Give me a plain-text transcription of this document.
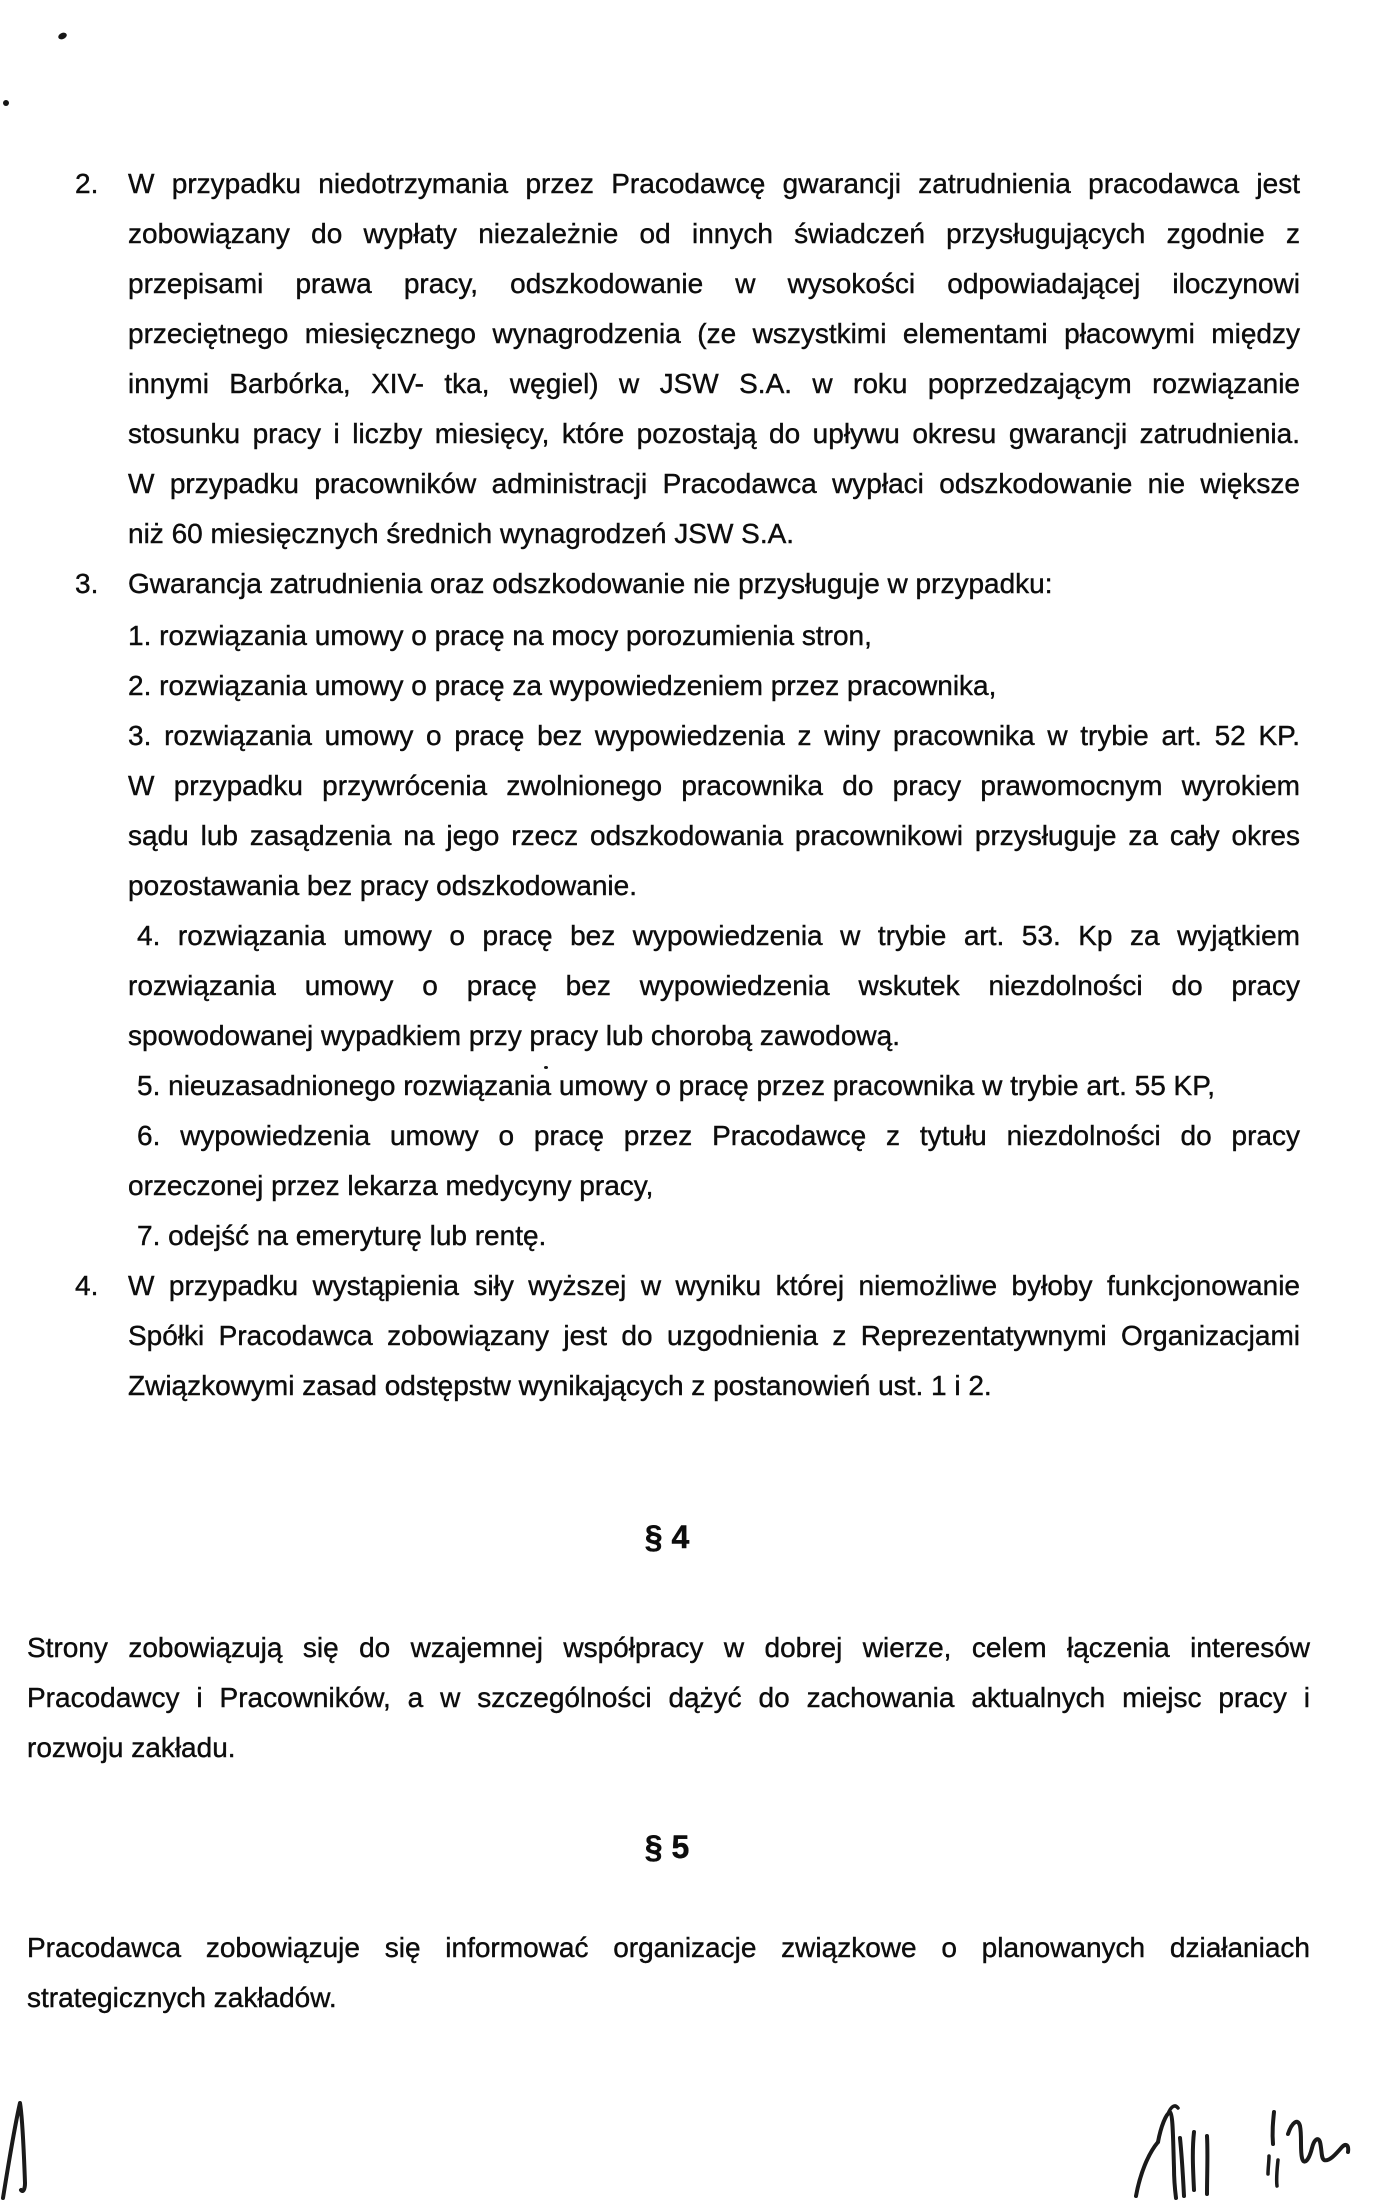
2. W przypadku niedotrzymania przez Pracodawcę gwarancji zatrudnienia pracodawca jest
zobowiązany do wypłaty niezależnie od innych świadczeń przysługujących zgodnie z
przepisami prawa pracy, odszkodowanie w wysokości odpowiadającej iloczynowi
przeciętnego miesięcznego wynagrodzenia (ze wszystkimi elementami płacowymi między
innymi Barbórka, XIV- tka, węgiel) w JSW S.A. w roku poprzedzającym rozwiązanie
stosunku pracy i liczby miesięcy, które pozostają do upływu okresu gwarancji zatrudnienia.
W przypadku pracowników administracji Pracodawca wypłaci odszkodowanie nie większe
niż 60 miesięcznych średnich wynagrodzeń JSW S.A.
3. Gwarancja zatrudnienia oraz odszkodowanie nie przysługuje w przypadku:
1. rozwiązania umowy o pracę na mocy porozumienia stron,
2. rozwiązania umowy o pracę za wypowiedzeniem przez pracownika,
3. rozwiązania umowy o pracę bez wypowiedzenia z winy pracownika w trybie art. 52 KP.
W przypadku przywrócenia zwolnionego pracownika do pracy prawomocnym wyrokiem
sądu lub zasądzenia na jego rzecz odszkodowania pracownikowi przysługuje za cały okres
pozostawania bez pracy odszkodowanie.
4. rozwiązania umowy o pracę bez wypowiedzenia w trybie art. 53. Kp za wyjątkiem
rozwiązania umowy o pracę bez wypowiedzenia wskutek niezdolności do pracy
spowodowanej wypadkiem przy pracy lub chorobą zawodową.
5. nieuzasadnionego rozwiązania umowy o pracę przez pracownika w trybie art. 55 KP,
6. wypowiedzenia umowy o pracę przez Pracodawcę z tytułu niezdolności do pracy
orzeczonej przez lekarza medycyny pracy,
7. odejść na emeryturę lub rentę.
4. W przypadku wystąpienia siły wyższej w wyniku której niemożliwe byłoby funkcjonowanie
Spółki Pracodawca zobowiązany jest do uzgodnienia z Reprezentatywnymi Organizacjami
Związkowymi zasad odstępstw wynikających z postanowień ust. 1 i 2.
§ 4
Strony zobowiązują się do wzajemnej współpracy w dobrej wierze, celem łączenia interesów
Pracodawcy i Pracowników, a w szczególności dążyć do zachowania aktualnych miejsc pracy i
rozwoju zakładu.
§ 5
Pracodawca zobowiązuje się informować organizacje związkowe o planowanych działaniach
strategicznych zakładów.
